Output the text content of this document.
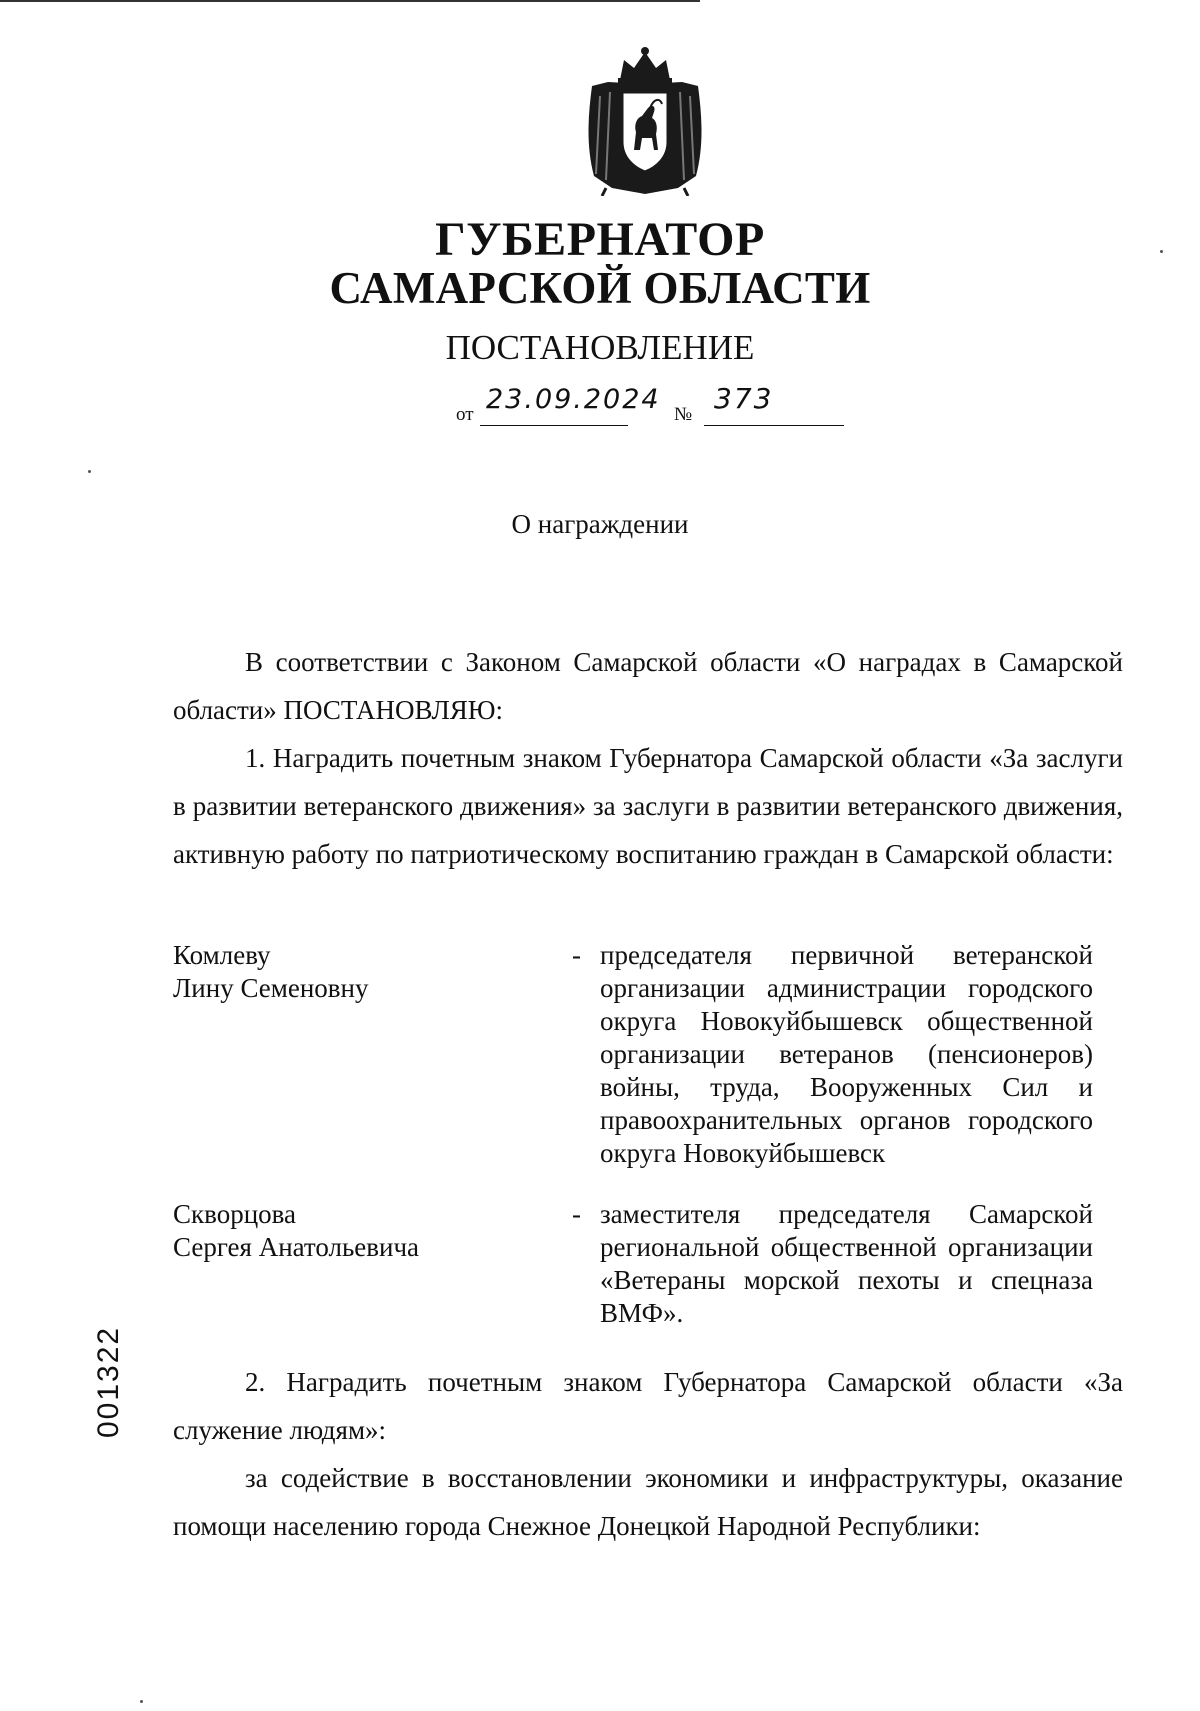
ГУБЕРНАТОР
САМАРСКОЙ ОБЛАСТИ
ПОСТАНОВЛЕНИЕ
от 23.09.2024 № 373
О награждении
В соответствии с Законом Самарской области «О наградах в Самарской области» ПОСТАНОВЛЯЮ:
1. Наградить почетным знаком Губернатора Самарской области «За заслуги в развитии ветеранского движения» за заслуги в развитии ветеранского движения, активную работу по патриотическому воспитанию граждан в Самарской области:
Комлеву
Лину Семеновну
- председателя первичной ветеранской организации администрации городского округа Новокуйбышевск общественной организации ветеранов (пенсионеров) войны, труда, Вооруженных Сил и правоохранительных органов городского округа Новокуйбышевск
Скворцова
Сергея Анатольевича
- заместителя председателя Самарской региональной общественной организации «Ветераны морской пехоты и спецназа ВМФ».
2. Наградить почетным знаком Губернатора Самарской области «За служение людям»:
за содействие в восстановлении экономики и инфраструктуры, оказание помощи населению города Снежное Донецкой Народной Республики:
001322
